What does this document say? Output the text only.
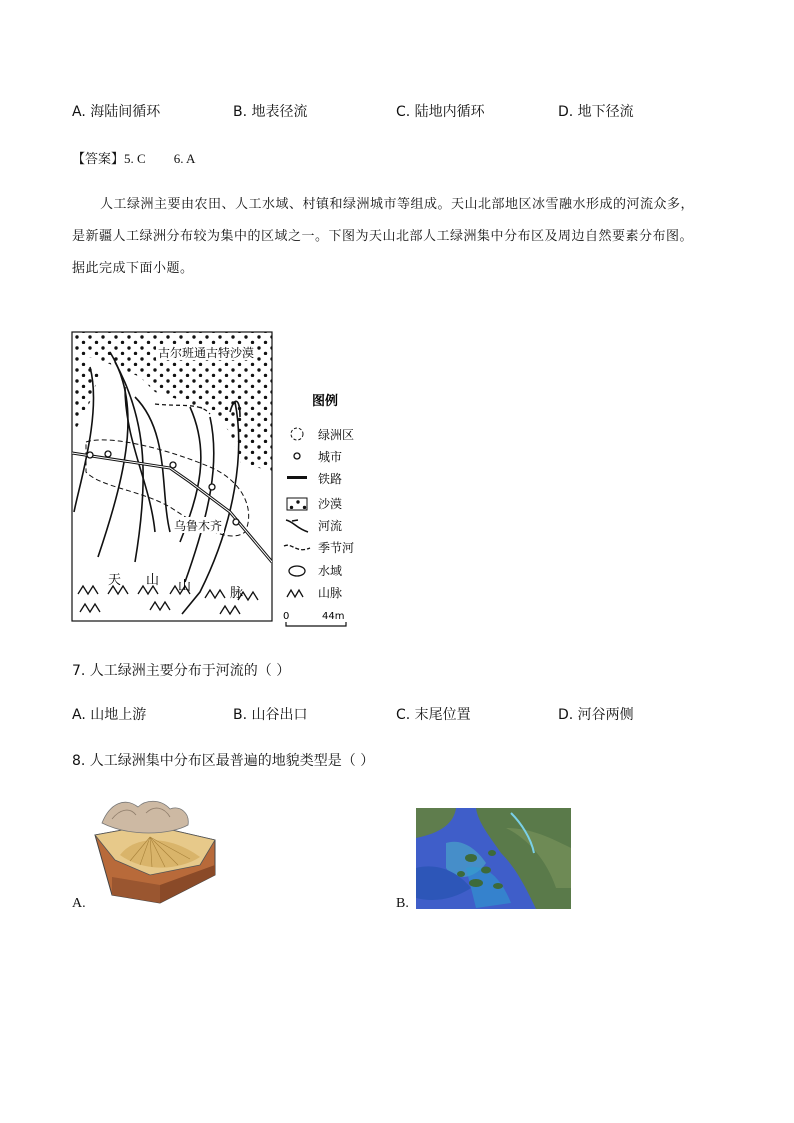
A. 海陆间循环	B. 地表径流	C. 陆地内循环	D. 地下径流
【答案】5. C 6. A
人工绿洲主要由农田、人工水域、村镇和绿洲城市等组成。天山北部地区冰雪融水形成的河流众多，
是新疆人工绿洲分布较为集中的区域之一。下图为天山北部人工绿洲集中分布区及周边自然要素分布图。
据此完成下面小题。
古尔班通古特沙漠
乌鲁木齐
天 山 山	脉
图例
绿洲区
城市
铁路
沙漠
河流
季节河
水域
山脉
0	44m
7. 人工绿洲主要分布于河流的（ ）
A. 山地上游	B. 山谷出口	C. 末尾位置	D. 河谷两侧
8. 人工绿洲集中分布区最普遍的地貌类型是（ ）
A.	B.
